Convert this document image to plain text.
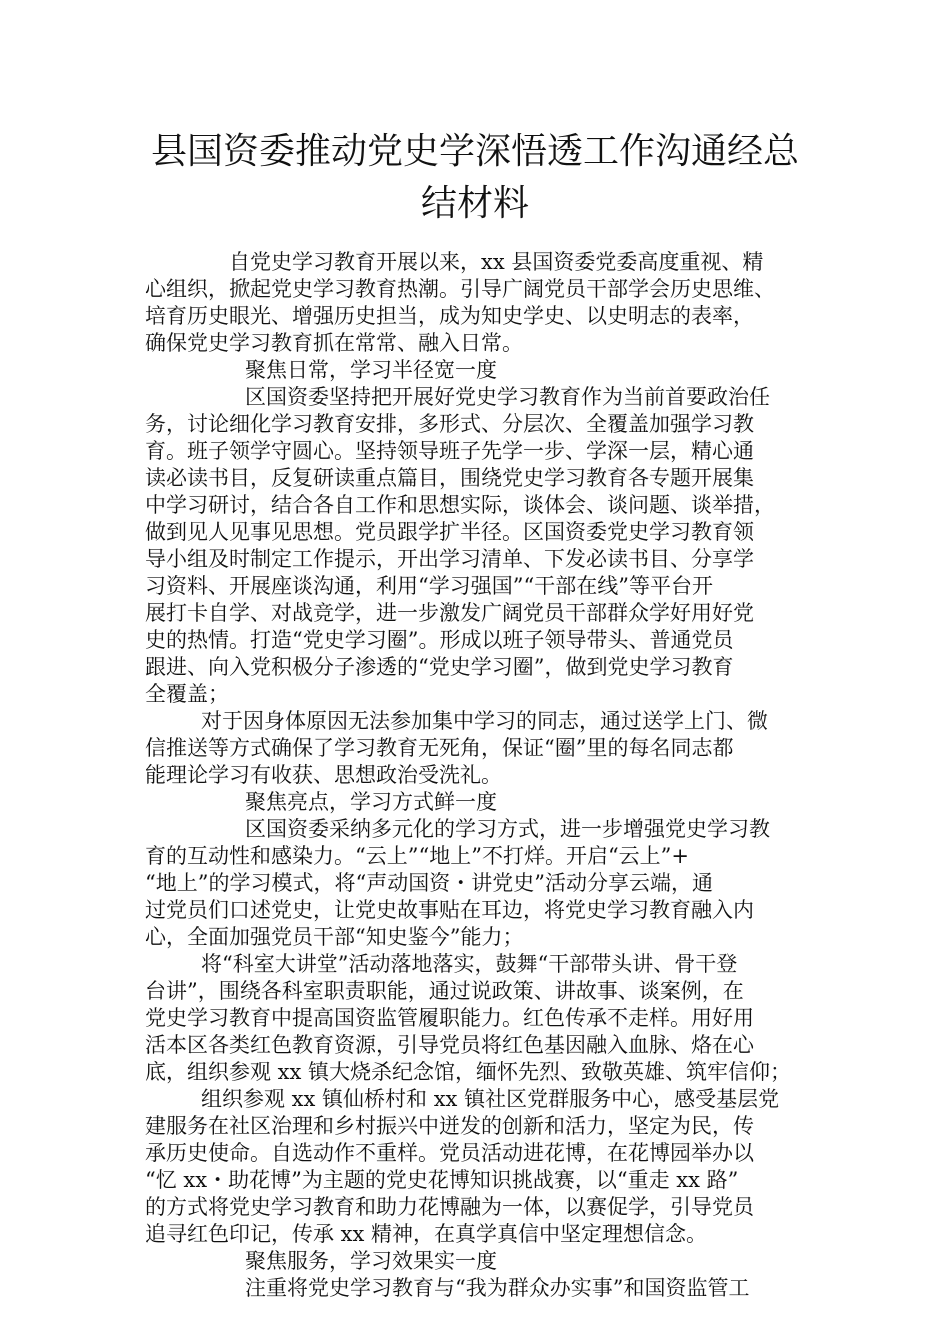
县国资委推动党史学深悟透工作沟通经总
结材料
自党史学习教育开展以来，xx 县国资委党委高度重视、精
心组织，掀起党史学习教育热潮。引导广阔党员干部学会历史思维、
培育历史眼光、增强历史担当，成为知史学史、以史明志的表率，
确保党史学习教育抓在常常、融入日常。
聚焦日常，学习半径宽一度
区国资委坚持把开展好党史学习教育作为当前首要政治任
务，讨论细化学习教育安排，多形式、分层次、全覆盖加强学习教
育。班子领学守圆心。坚持领导班子先学一步、学深一层，精心通
读必读书目，反复研读重点篇目，围绕党史学习教育各专题开展集
中学习研讨，结合各自工作和思想实际，谈体会、谈问题、谈举措，
做到见人见事见思想。党员跟学扩半径。区国资委党史学习教育领
导小组及时制定工作提示，开出学习清单、下发必读书目、分享学
习资料、开展座谈沟通，利用“学习强国”“干部在线”等平台开
展打卡自学、对战竞学，进一步激发广阔党员干部群众学好用好党
史的热情。打造“党史学习圈”。形成以班子领导带头、普通党员
跟进、向入党积极分子渗透的“党史学习圈”，做到党史学习教育
全覆盖；
对于因身体原因无法参加集中学习的同志，通过送学上门、微
信推送等方式确保了学习教育无死角，保证“圈”里的每名同志都
能理论学习有收获、思想政治受洗礼。
聚焦亮点，学习方式鲜一度
区国资委采纳多元化的学习方式，进一步增强党史学习教
育的互动性和感染力。“云上”“地上”不打烊。开启“云上”+
“地上”的学习模式，将“声动国资・讲党史”活动分享云端，通
过党员们口述党史，让党史故事贴在耳边，将党史学习教育融入内
心，全面加强党员干部“知史鉴今”能力；
将“科室大讲堂”活动落地落实，鼓舞“干部带头讲、骨干登
台讲”，围绕各科室职责职能，通过说政策、讲故事、谈案例，在
党史学习教育中提高国资监管履职能力。红色传承不走样。用好用
活本区各类红色教育资源，引导党员将红色基因融入血脉、烙在心
底，组织参观 xx 镇大烧杀纪念馆，缅怀先烈、致敬英雄、筑牢信仰；
组织参观 xx 镇仙桥村和 xx 镇社区党群服务中心，感受基层党
建服务在社区治理和乡村振兴中迸发的创新和活力，坚定为民，传
承历史使命。自选动作不重样。党员活动进花博，在花博园举办以
“忆 xx・助花博”为主题的党史花博知识挑战赛，以“重走 xx 路”
的方式将党史学习教育和助力花博融为一体，以赛促学，引导党员
追寻红色印记，传承 xx 精神，在真学真信中坚定理想信念。
聚焦服务，学习效果实一度
注重将党史学习教育与“我为群众办实事”和国资监管工
